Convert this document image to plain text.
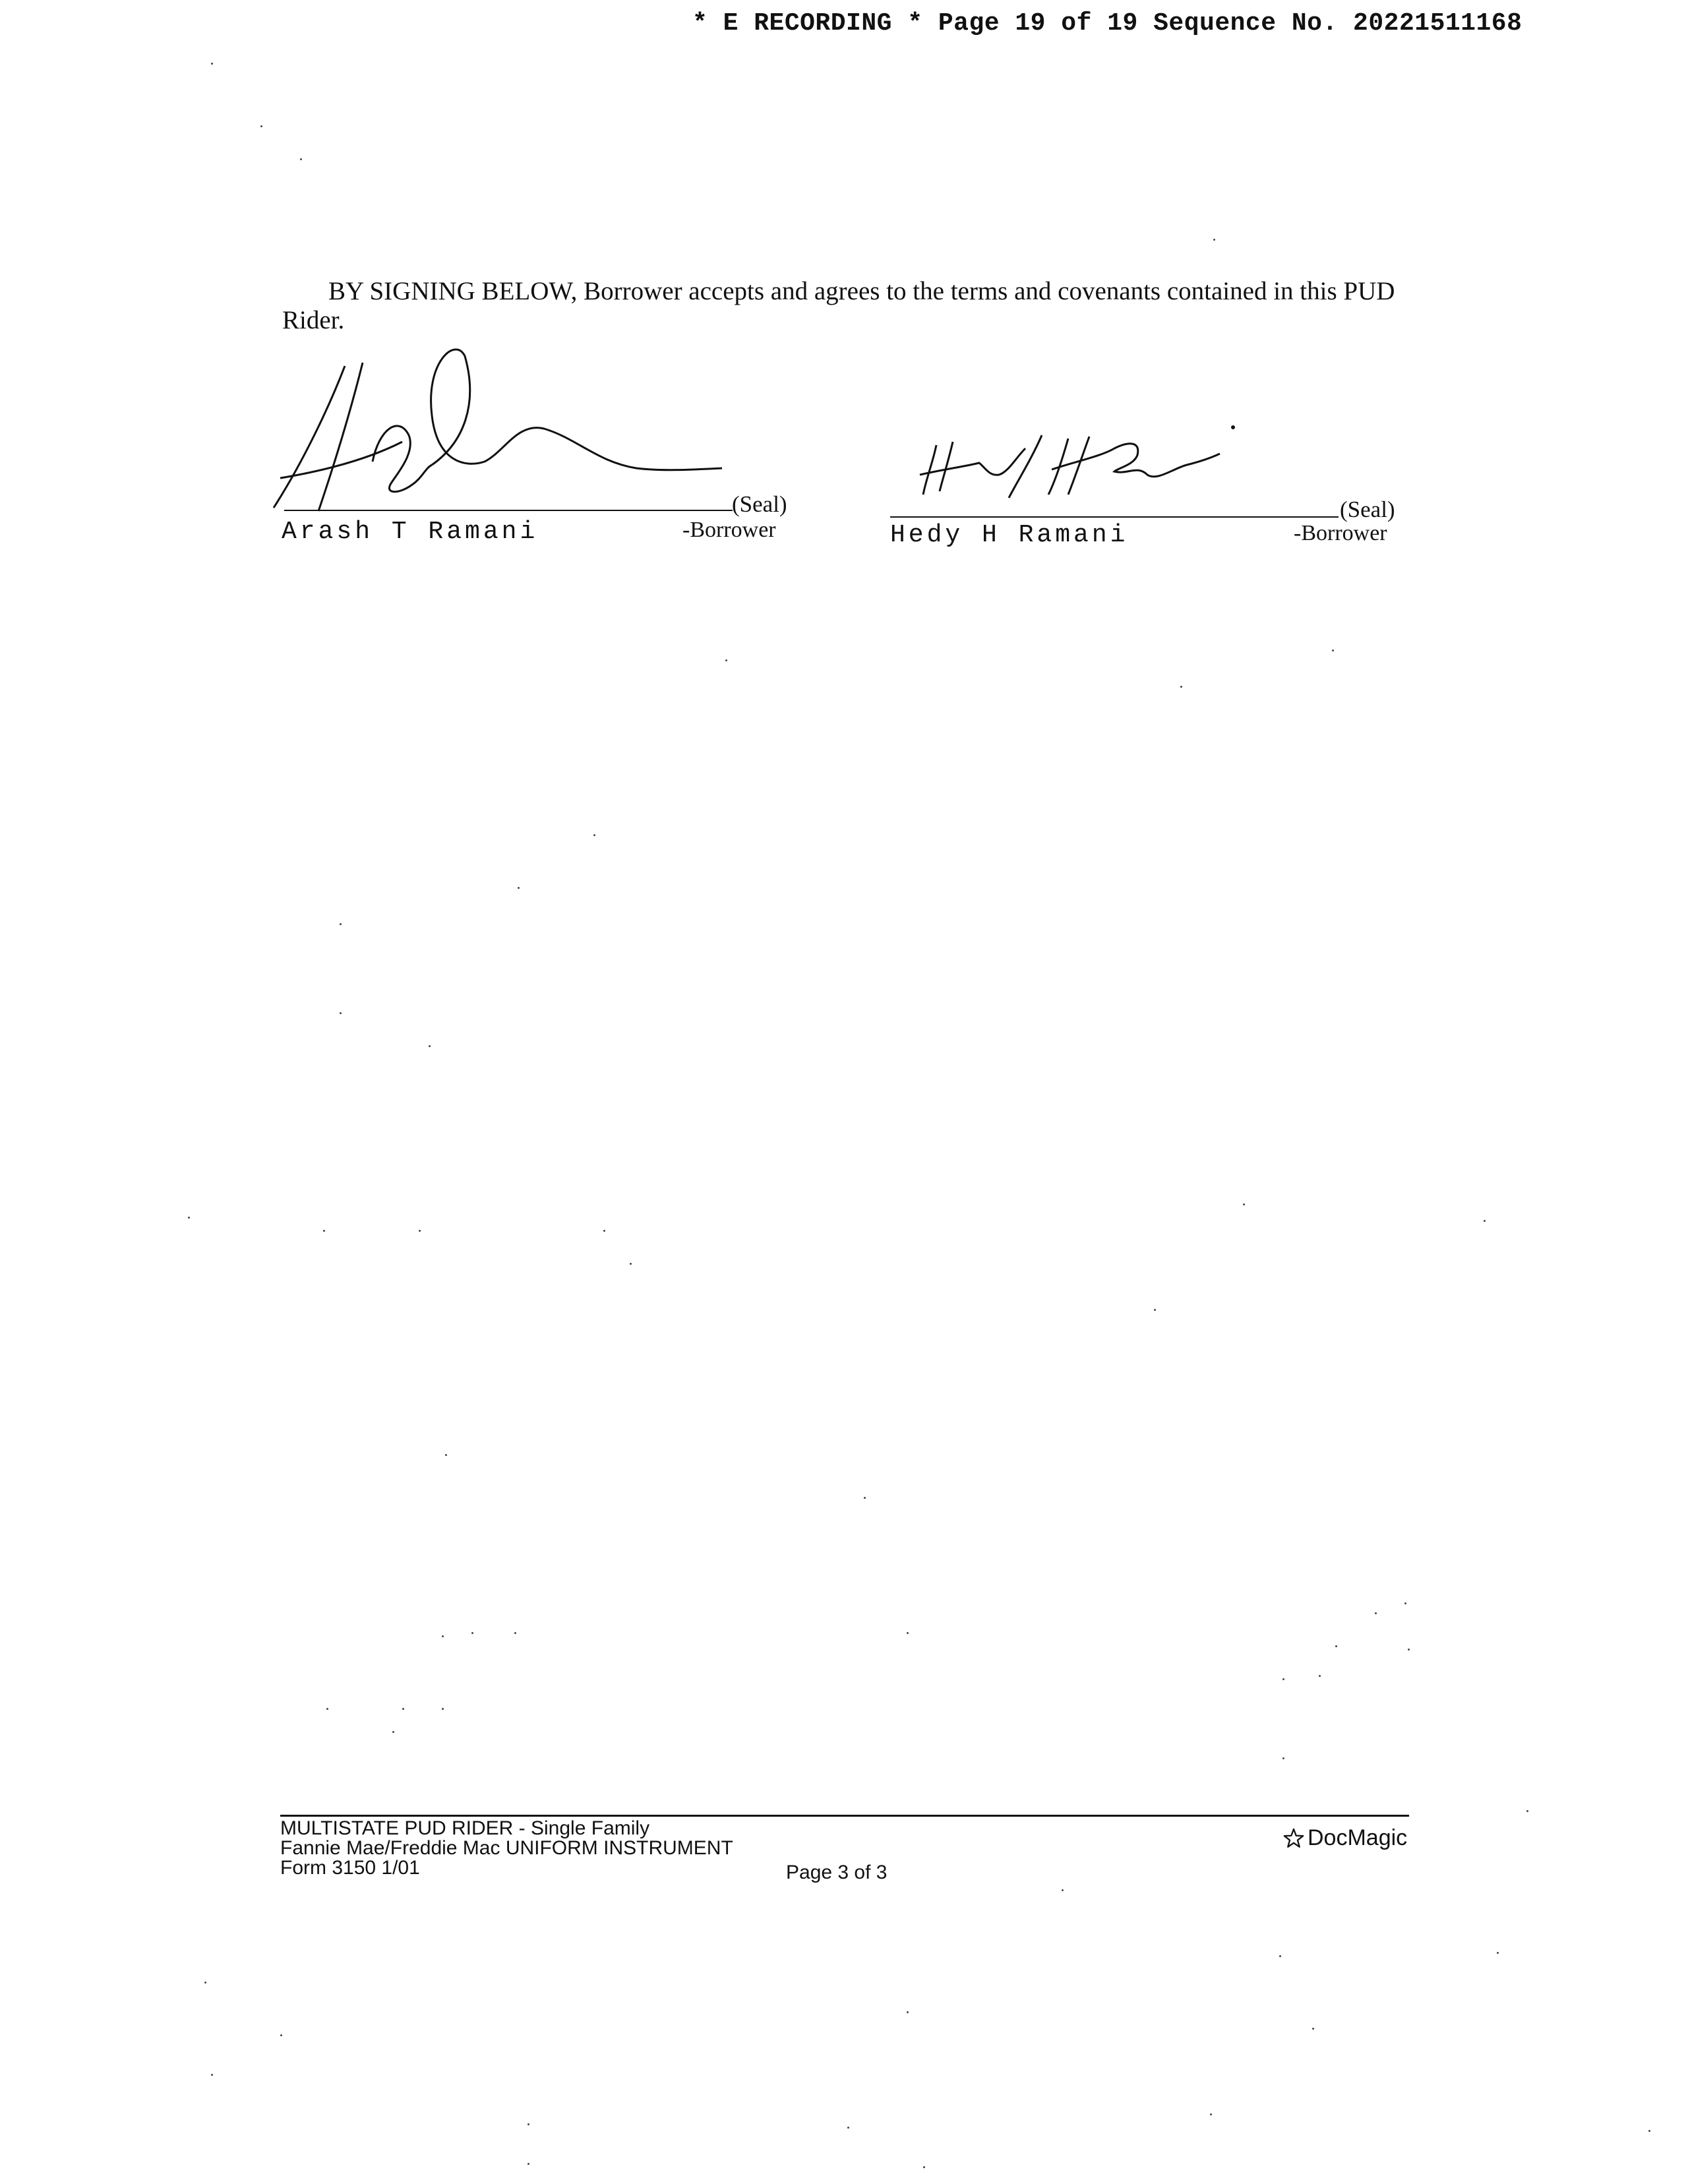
* E RECORDING * Page 19 of 19 Sequence No. 20221511168
BY SIGNING BELOW, Borrower accepts and agrees to the terms and covenants contained in this PUD
Rider.
(Seal)
Arash T Ramani	-Borrower
(Seal)
Hedy H Ramani	-Borrower
MULTISTATE PUD RIDER - Single Family
Fannie Mae/Freddie Mac UNIFORM INSTRUMENT
Form 3150 1/01	Page 3 of 3
DocMagic
